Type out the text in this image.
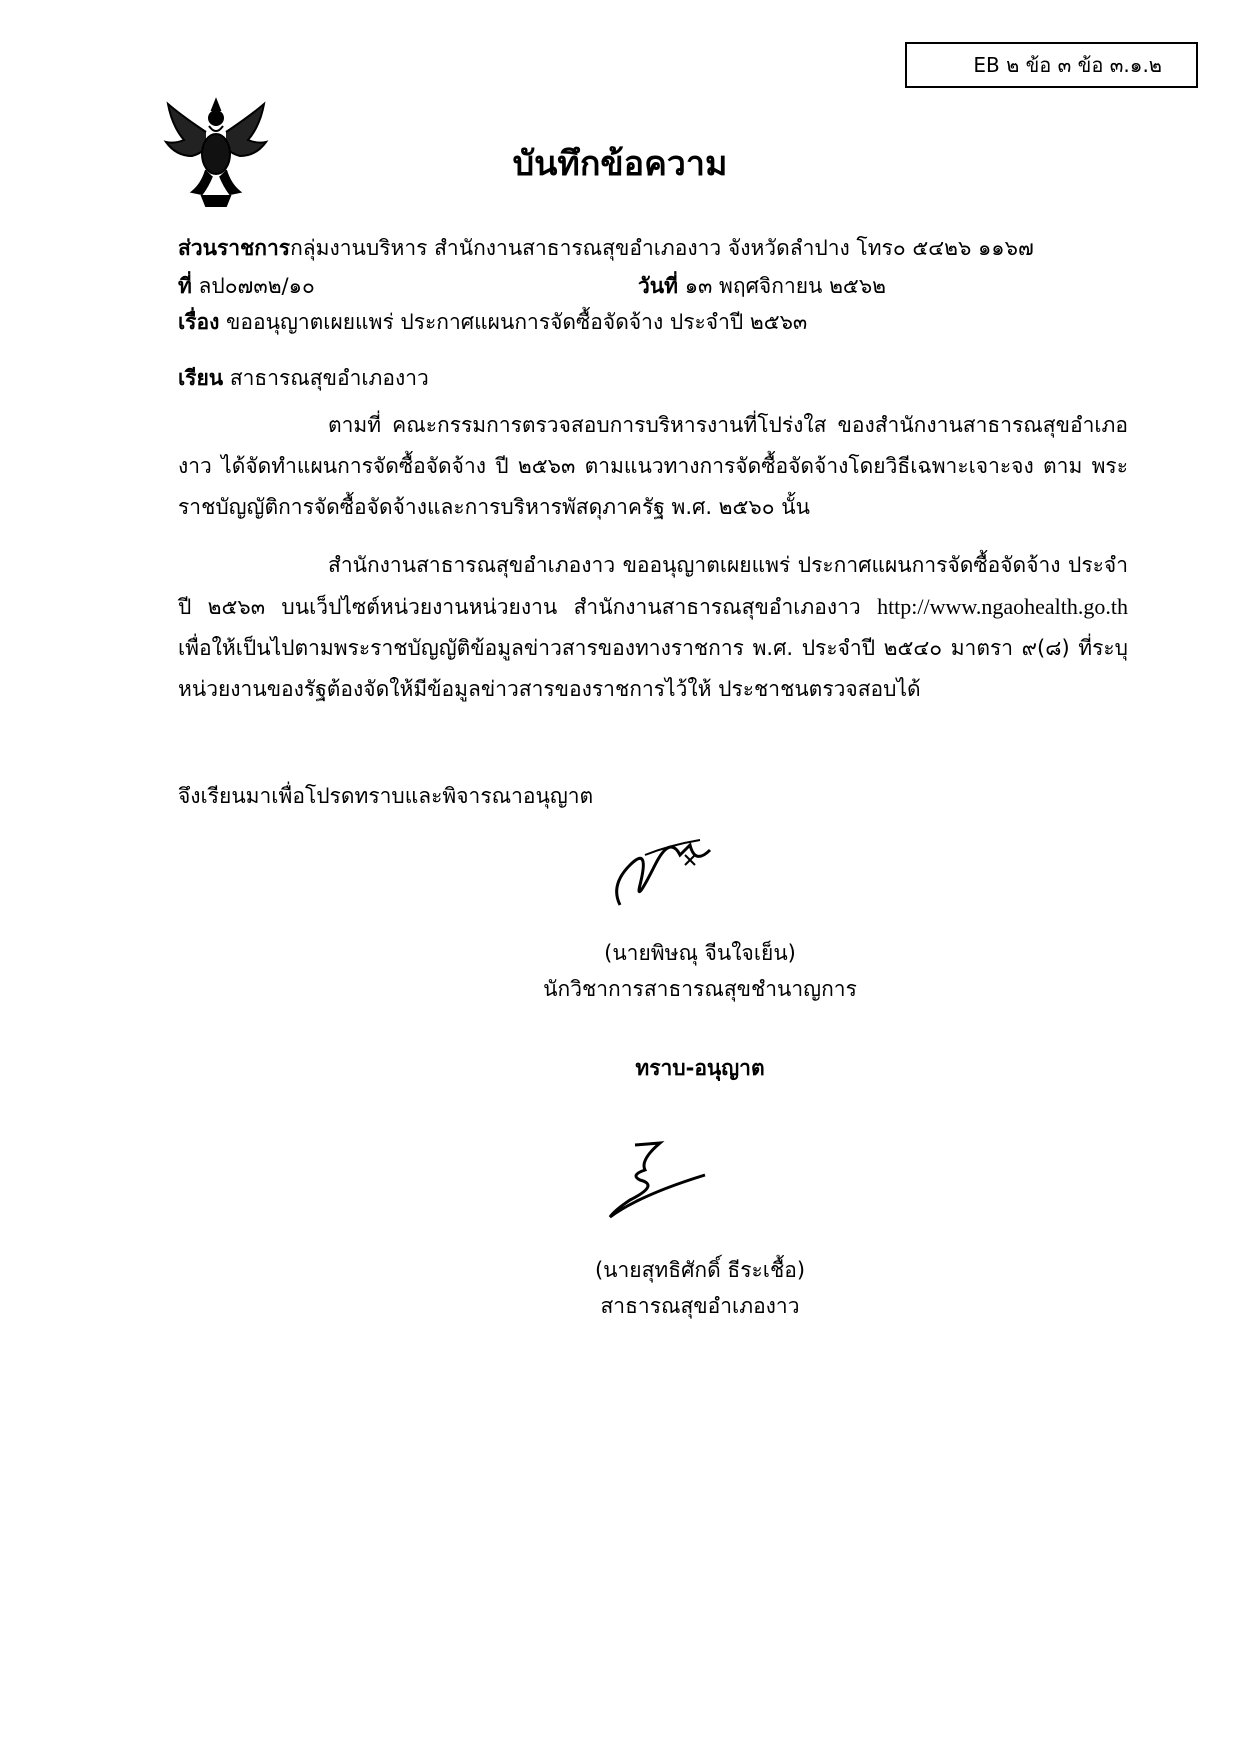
EB ๒ ข้อ ๓ ข้อ ๓.๑.๒
บันทึกข้อความ
ส่วนราชการกลุ่มงานบริหาร สำนักงานสาธารณสุขอำเภองาว จังหวัดลำปาง โทร๐ ๕๔๒๖ ๑๑๖๗
ที่ ลป๐๗๓๒/๑๐	วันที่ ๑๓ พฤศจิกายน ๒๕๖๒
เรื่อง ขออนุญาตเผยแพร่ ประกาศแผนการจัดซื้อจัดจ้าง ประจำปี ๒๕๖๓
เรียน สาธารณสุขอำเภองาว
ตามที่ คณะกรรมการตรวจสอบการบริหารงานที่โปร่งใส ของสำนักงานสาธารณสุขอำเภองาว ได้จัดทำแผนการจัดซื้อจัดจ้าง ปี ๒๕๖๓ ตามแนวทางการจัดซื้อจัดจ้างโดยวิธีเฉพาะเจาะจง ตาม พระราชบัญญัติการจัดซื้อจัดจ้างและการบริหารพัสดุภาครัฐ พ.ศ. ๒๕๖๐ นั้น
สำนักงานสาธารณสุขอำเภองาว ขออนุญาตเผยแพร่ ประกาศแผนการจัดซื้อจัดจ้าง ประจำปี ๒๕๖๓ บนเว็ปไซต์หน่วยงานหน่วยงาน สำนักงานสาธารณสุขอำเภองาว http://www.ngaohealth.go.th เพื่อให้เป็นไปตามพระราชบัญญัติข้อมูลข่าวสารของทางราชการ พ.ศ. ประจำปี ๒๕๔๐ มาตรา ๙(๘) ที่ระบุหน่วยงานของรัฐต้องจัดให้มีข้อมูลข่าวสารของราชการไว้ให้ ประชาชนตรวจสอบได้
จึงเรียนมาเพื่อโปรดทราบและพิจารณาอนุญาต
(นายพิษณุ จีนใจเย็น)
นักวิชาการสาธารณสุขชำนาญการ
ทราบ-อนุญาต
(นายสุทธิศักดิ์ ธีระเชื้อ)
สาธารณสุขอำเภองาว
